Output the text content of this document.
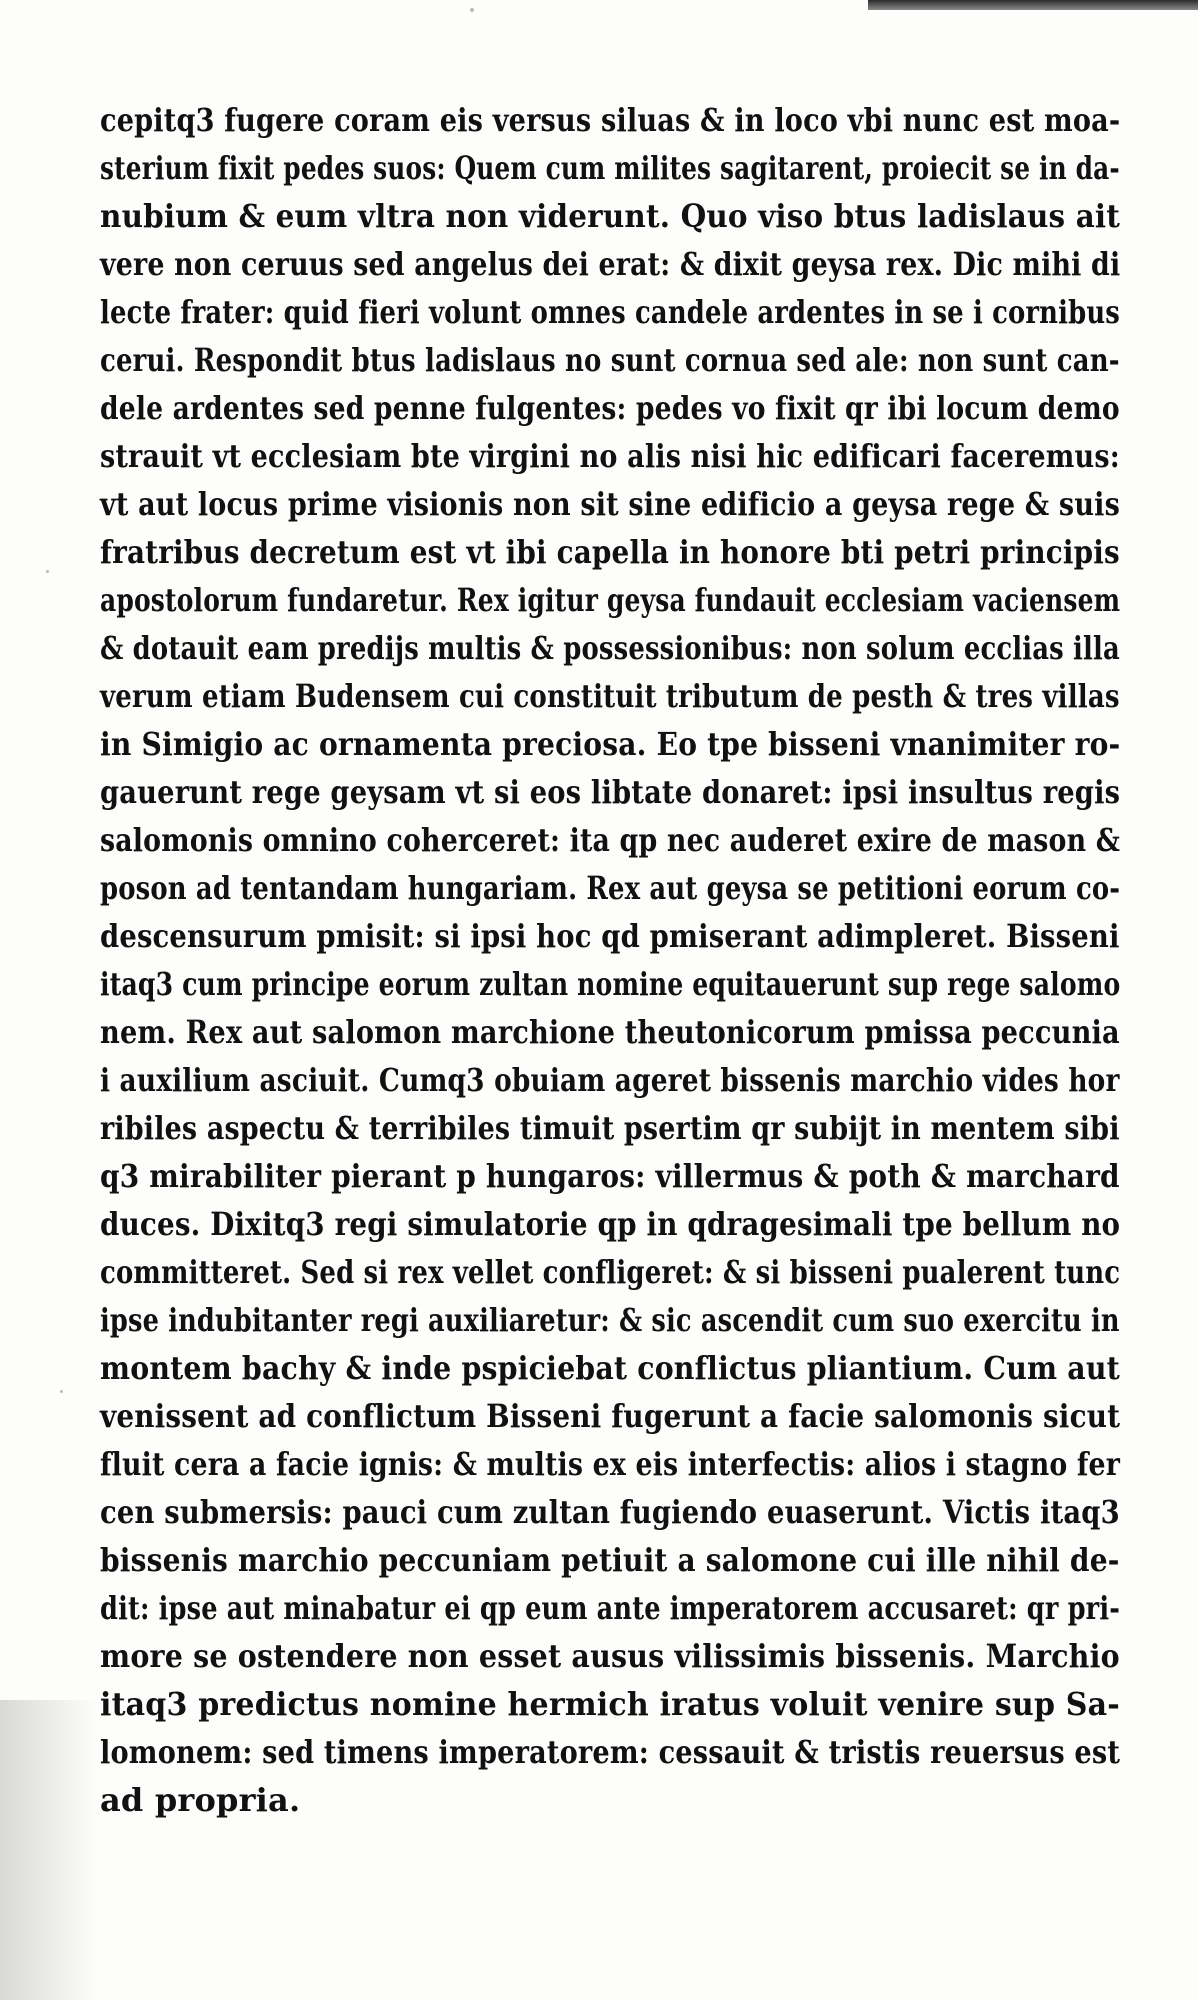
cepitq3 fugere coram eis versus siluas & in loco vbi nunc est moa-
sterium fixit pedes suos: Quem cum milites sagitarent, proiecit se in da-
nubium & eum vltra non viderunt. Quo viso btus ladislaus ait
vere non ceruus sed angelus dei erat: & dixit geysa rex. Dic mihi di
lecte frater: quid fieri volunt omnes candele ardentes in se i cornibus
cerui. Respondit btus ladislaus no sunt cornua sed ale: non sunt can-
dele ardentes sed penne fulgentes: pedes vo fixit qr ibi locum demo
strauit vt ecclesiam bte virgini no alis nisi hic edificari faceremus:
vt aut locus prime visionis non sit sine edificio a geysa rege & suis
fratribus decretum est vt ibi capella in honore bti petri principis
apostolorum fundaretur. Rex igitur geysa fundauit ecclesiam vaciensem
& dotauit eam predijs multis & possessionibus: non solum ecclias illa
verum etiam Budensem cui constituit tributum de pesth & tres villas
in Simigio ac ornamenta preciosa. Eo tpe bisseni vnanimiter ro-
gauerunt rege geysam vt si eos libtate donaret: ipsi insultus regis
salomonis omnino coherceret: ita qp nec auderet exire de mason &
poson ad tentandam hungariam. Rex aut geysa se petitioni eorum co-
descensurum pmisit: si ipsi hoc qd pmiserant adimpleret. Bisseni
itaq3 cum principe eorum zultan nomine equitauerunt sup rege salomo
nem. Rex aut salomon marchione theutonicorum pmissa peccunia
i auxilium asciuit. Cumq3 obuiam ageret bissenis marchio vides hor
ribiles aspectu & terribiles timuit psertim qr subijt in mentem sibi
q3 mirabiliter pierant p hungaros: villermus & poth & marchard
duces. Dixitq3 regi simulatorie qp in qdragesimali tpe bellum no
committeret. Sed si rex vellet confligeret: & si bisseni pualerent tunc
ipse indubitanter regi auxiliaretur: & sic ascendit cum suo exercitu in
montem bachy & inde pspiciebat conflictus pliantium. Cum aut
venissent ad conflictum Bisseni fugerunt a facie salomonis sicut
fluit cera a facie ignis: & multis ex eis interfectis: alios i stagno fer
cen submersis: pauci cum zultan fugiendo euaserunt. Victis itaq3
bissenis marchio peccuniam petiuit a salomone cui ille nihil de-
dit: ipse aut minabatur ei qp eum ante imperatorem accusaret: qr pri-
more se ostendere non esset ausus vilissimis bissenis. Marchio
itaq3 predictus nomine hermich iratus voluit venire sup Sa-
lomonem: sed timens imperatorem: cessauit & tristis reuersus est
ad propria.
